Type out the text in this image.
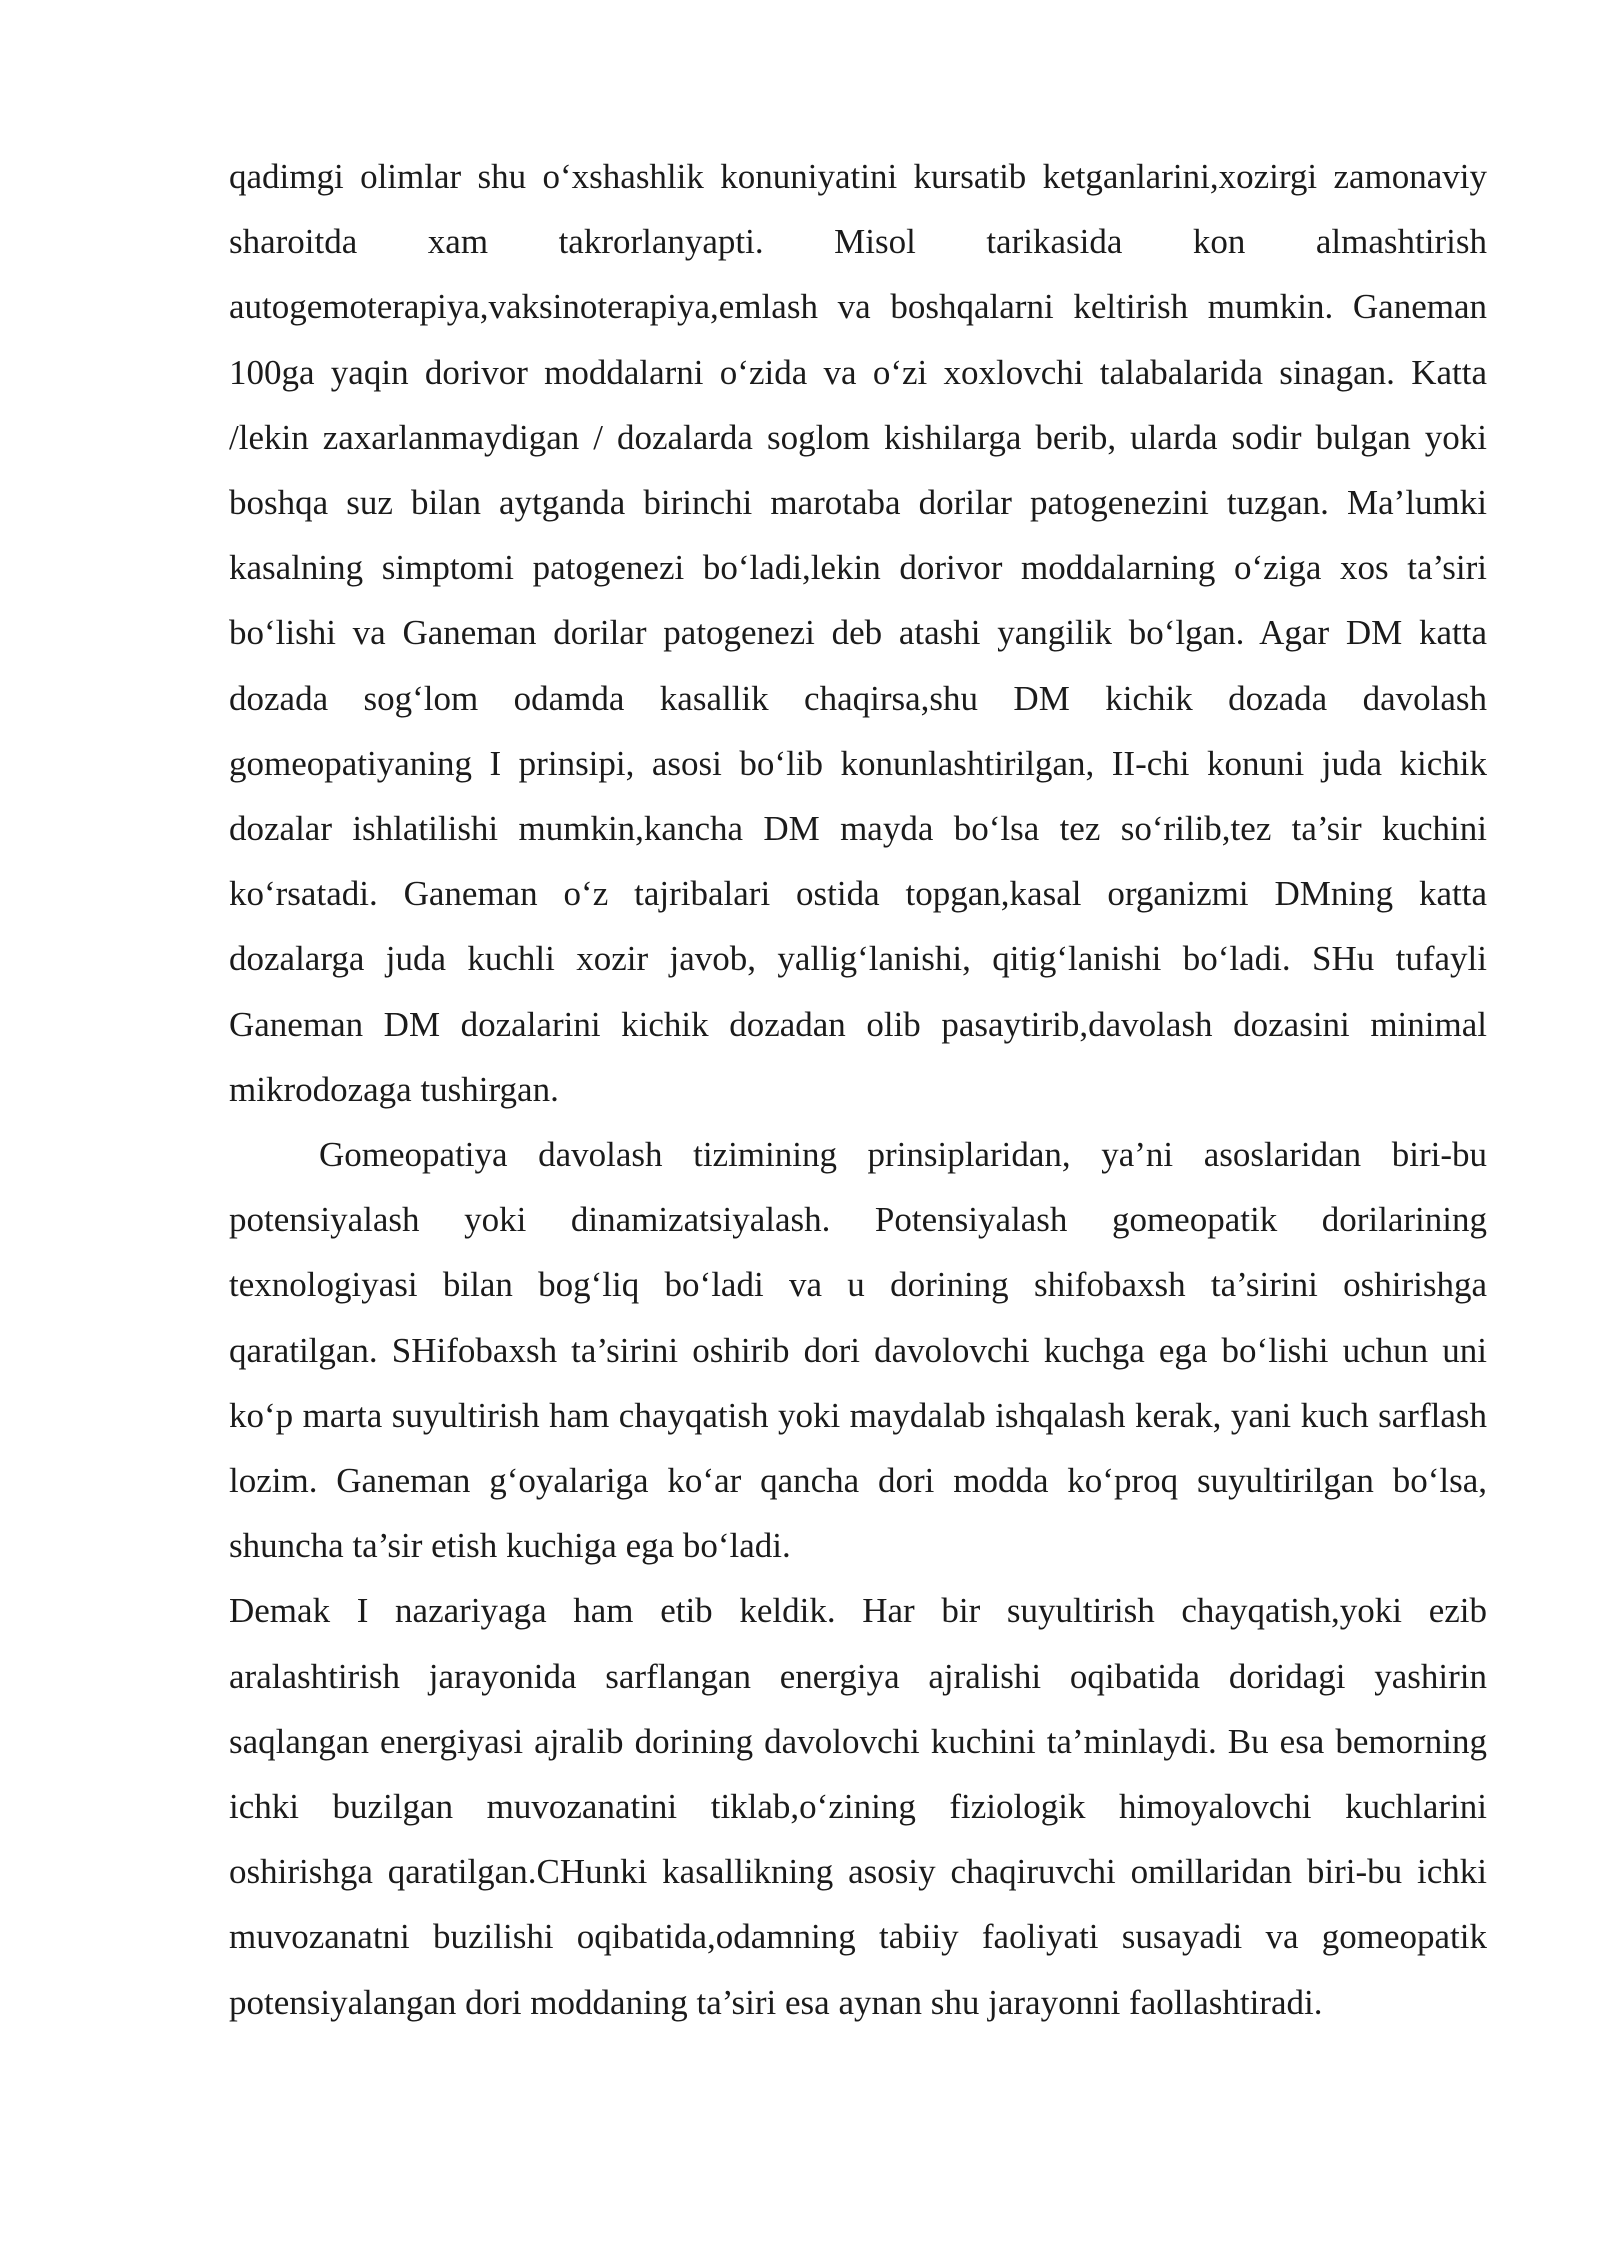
qadimgi olimlar shu o‘xshashlik konuniyatini kursatib ketganlarini,xozirgi zamonaviy sharoitda xam takrorlanyapti. Misol tarikasida kon almashtirish autogemoterapiya,vaksinoterapiya,emlash va boshqalarni keltirish mumkin. Ganeman 100ga yaqin dorivor moddalarni o‘zida va o‘zi xoxlovchi talabalarida sinagan. Katta /lekin zaxarlanmaydigan / dozalarda soglom kishilarga berib, ularda sodir bulgan yoki boshqa suz bilan aytganda birinchi marotaba dorilar patogenezini tuzgan. Ma’lumki kasalning simptomi patogenezi bo‘ladi,lekin dorivor moddalarning o‘ziga xos ta’siri bo‘lishi va Ganeman dorilar patogenezi deb atashi yangilik bo‘lgan. Agar DM katta dozada sog‘lom odamda kasallik chaqirsa,shu DM kichik dozada davolash gomeopatiyaning I prinsipi, asosi bo‘lib konunlashtirilgan, II-chi konuni juda kichik dozalar ishlatilishi mumkin,kancha DM mayda bo‘lsa tez so‘rilib,tez ta’sir kuchini ko‘rsatadi. Ganeman o‘z tajribalari ostida topgan,kasal organizmi DMning katta dozalarga juda kuchli xozir javob, yallig‘lanishi, qitig‘lanishi bo‘ladi. SHu tufayli Ganeman DM dozalarini kichik dozadan olib pasaytirib,davolash dozasini minimal mikrodozaga tushirgan.

Gomeopatiya davolash tizimining prinsiplaridan, ya’ni asoslaridan biri-bu potensiyalash yoki dinamizatsiyalash. Potensiyalash gomeopatik dorilarining texnologiyasi bilan bog‘liq bo‘ladi va u dorining shifobaxsh ta’sirini oshirishga qaratilgan. SHifobaxsh ta’sirini oshirib dori davolovchi kuchga ega bo‘lishi uchun uni ko‘p marta suyultirish ham chayqatish yoki maydalab ishqalash kerak, yani kuch sarflash lozim. Ganeman g‘oyalariga ko‘ar qancha dori modda ko‘proq suyultirilgan bo‘lsa, shuncha ta’sir etish kuchiga ega bo‘ladi.

Demak I nazariyaga ham etib keldik. Har bir suyultirish chayqatish,yoki ezib aralashtirish jarayonida sarflangan energiya ajralishi oqibatida doridagi yashirin saqlangan energiyasi ajralib dorining davolovchi kuchini ta’minlaydi. Bu esa bemorning ichki buzilgan muvozanatini tiklab,o‘zining fiziologik himoyalovchi kuchlarini oshirishga qaratilgan.CHunki kasallikning asosiy chaqiruvchi omillaridan biri-bu ichki muvozanatni buzilishi oqibatida,odamning tabiiy faoliyati susayadi va gomeopatik potensiyalangan dori moddaning ta’siri esa aynan shu jarayonni faollashtiradi.
